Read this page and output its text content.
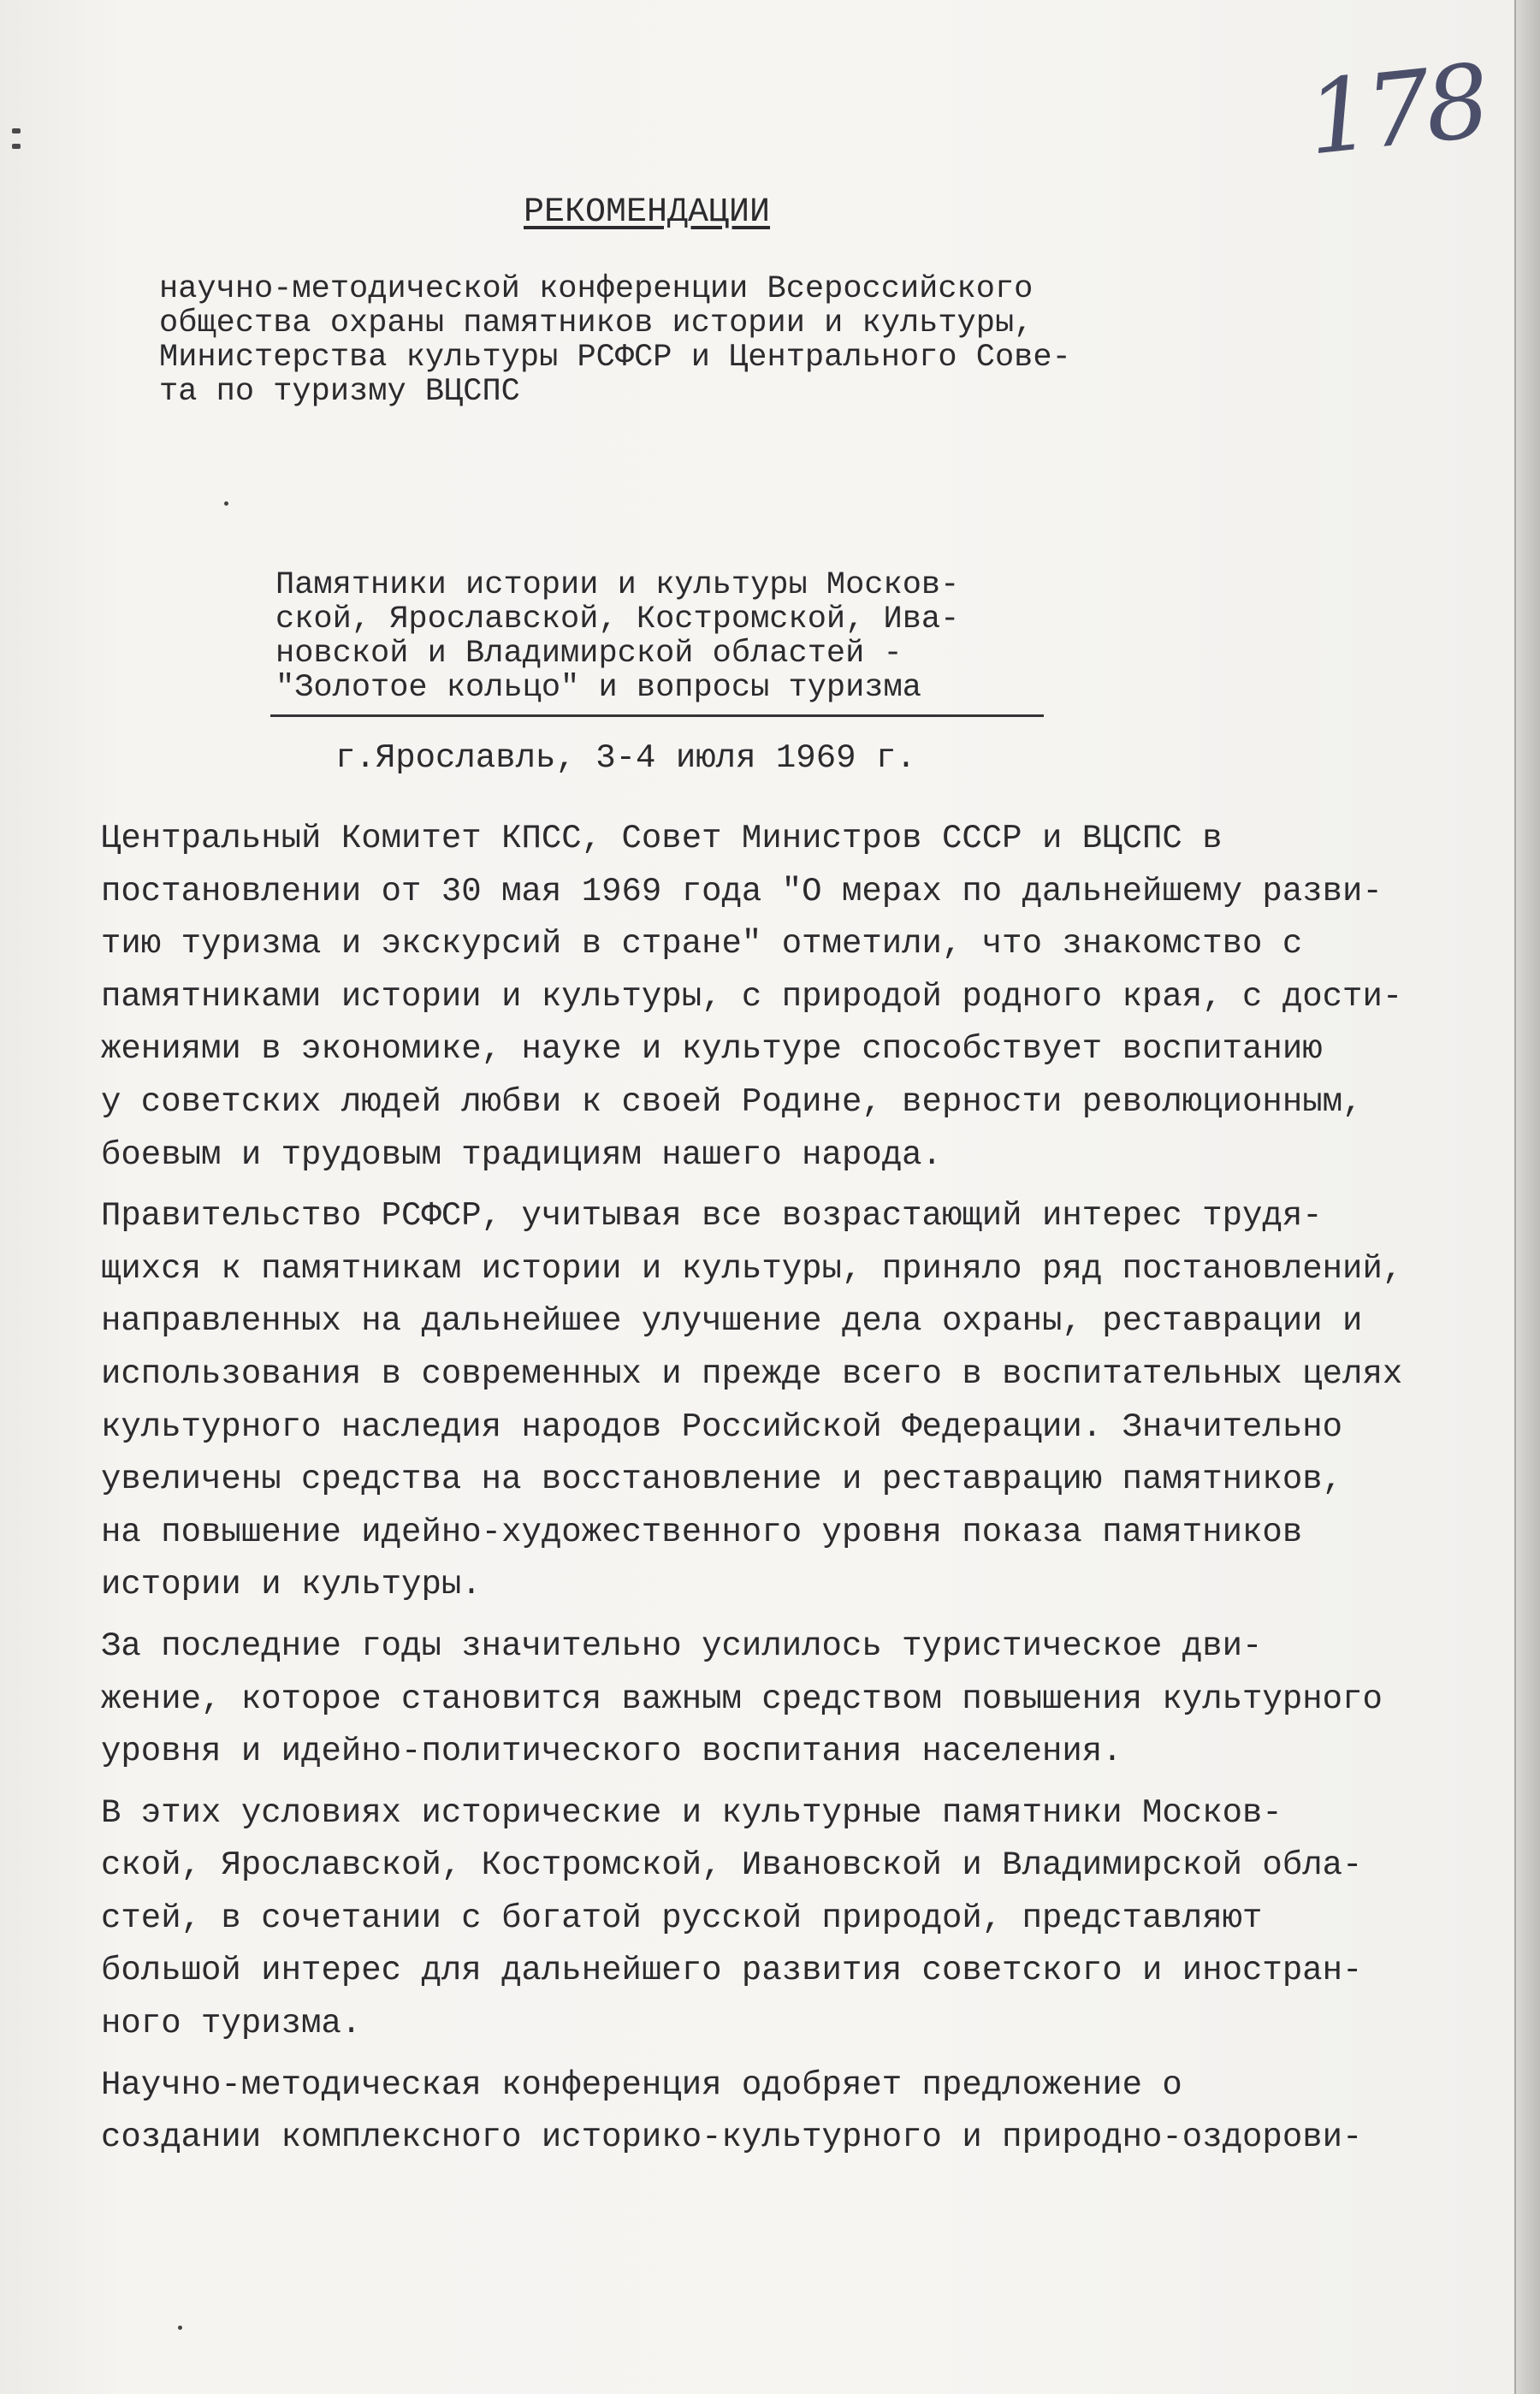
178
РЕКОМЕНДАЦИИ
научно-методической конференции Всероссийского
общества охраны памятников истории и культуры,
Министерства культуры РСФСР и Центрального Сове-
та по туризму ВЦСПС
Памятники истории и культуры Москов-
ской, Ярославской, Костромской, Ива-
новской и Владимирской областей -
"Золотое кольцо" и вопросы туризма
г.Ярославль, 3-4 июля 1969 г.

Центральный Комитет КПСС, Совет Министров СССР и ВЦСПС в
постановлении от 30 мая 1969 года "О мерах по дальнейшему разви-
тию туризма и экскурсий в стране" отметили, что знакомство с
памятниками истории и культуры, с природой родного края, с дости-
жениями в экономике, науке и культуре способствует воспитанию
у советских людей любви к своей Родине, верности революционным,
боевым и трудовым традициям нашего народа.

Правительство РСФСР, учитывая все возрастающий интерес трудя-
щихся к памятникам истории и культуры, приняло ряд постановлений,
направленных на дальнейшее улучшение дела охраны, реставрации и
использования в современных и прежде всего в воспитательных целях
культурного наследия народов Российской Федерации. Значительно
увеличены средства на восстановление и реставрацию памятников,
на повышение идейно-художественного уровня показа памятников
истории и культуры.

За последние годы значительно усилилось туристическое дви-
жение, которое становится важным средством повышения культурного
уровня и идейно-политического воспитания населения.

В этих условиях исторические и культурные памятники Москов-
ской, Ярославской, Костромской, Ивановской и Владимирской обла-
стей, в сочетании с богатой русской природой, представляют
большой интерес для дальнейшего развития советского и иностран-
ного туризма.

Научно-методическая конференция одобряет предложение о
создании комплексного историко-культурного и природно-оздорови-
